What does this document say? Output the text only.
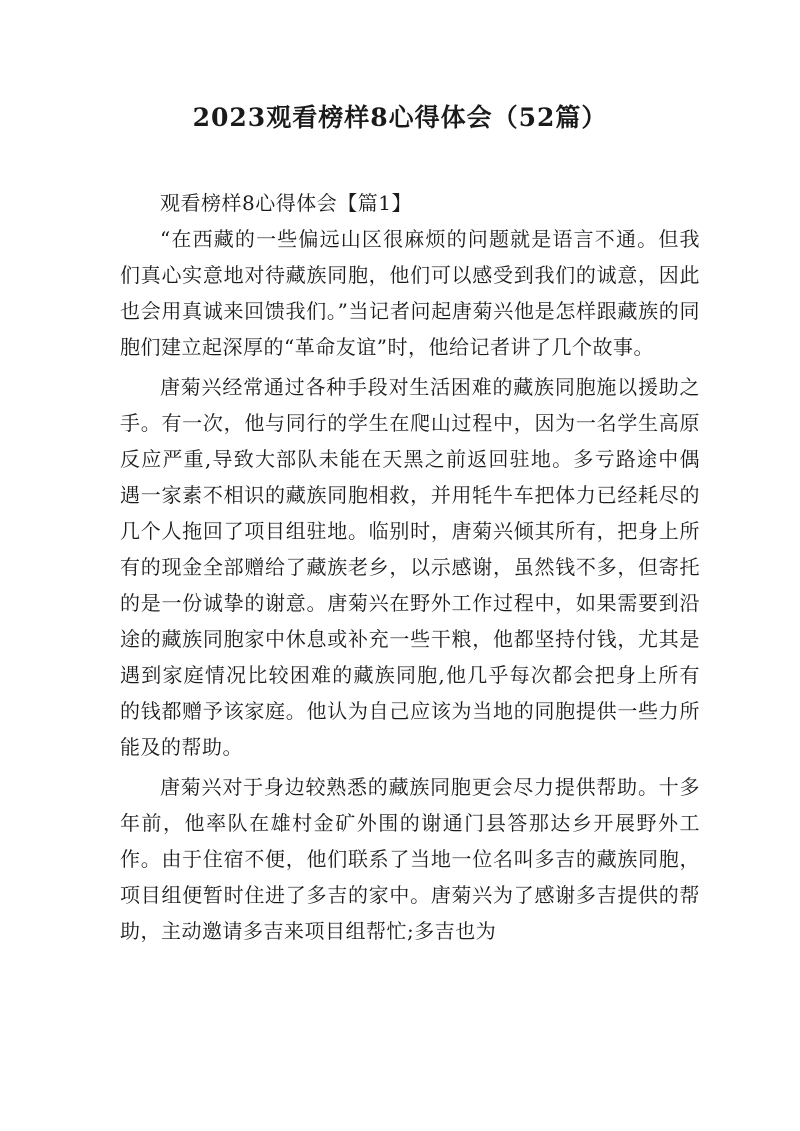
2023观看榜样8心得体会（52篇）

观看榜样8心得体会【篇1】

“在西藏的一些偏远山区很麻烦的问题就是语言不通。但我们真心实意地对待藏族同胞，他们可以感受到我们的诚意，因此也会用真诚来回馈我们。”当记者问起唐菊兴他是怎样跟藏族的同胞们建立起深厚的“革命友谊”时，他给记者讲了几个故事。

唐菊兴经常通过各种手段对生活困难的藏族同胞施以援助之手。有一次，他与同行的学生在爬山过程中，因为一名学生高原反应严重,导致大部队未能在天黑之前返回驻地。多亏路途中偶遇一家素不相识的藏族同胞相救，并用牦牛车把体力已经耗尽的几个人拖回了项目组驻地。临别时，唐菊兴倾其所有，把身上所有的现金全部赠给了藏族老乡，以示感谢，虽然钱不多，但寄托的是一份诚挚的谢意。唐菊兴在野外工作过程中，如果需要到沿途的藏族同胞家中休息或补充一些干粮，他都坚持付钱，尤其是遇到家庭情况比较困难的藏族同胞,他几乎每次都会把身上所有的钱都赠予该家庭。他认为自己应该为当地的同胞提供一些力所能及的帮助。

唐菊兴对于身边较熟悉的藏族同胞更会尽力提供帮助。十多年前，他率队在雄村金矿外围的谢通门县答那达乡开展野外工作。由于住宿不便，他们联系了当地一位名叫多吉的藏族同胞，项目组便暂时住进了多吉的家中。唐菊兴为了感谢多吉提供的帮助，主动邀请多吉来项目组帮忙;多吉也为
